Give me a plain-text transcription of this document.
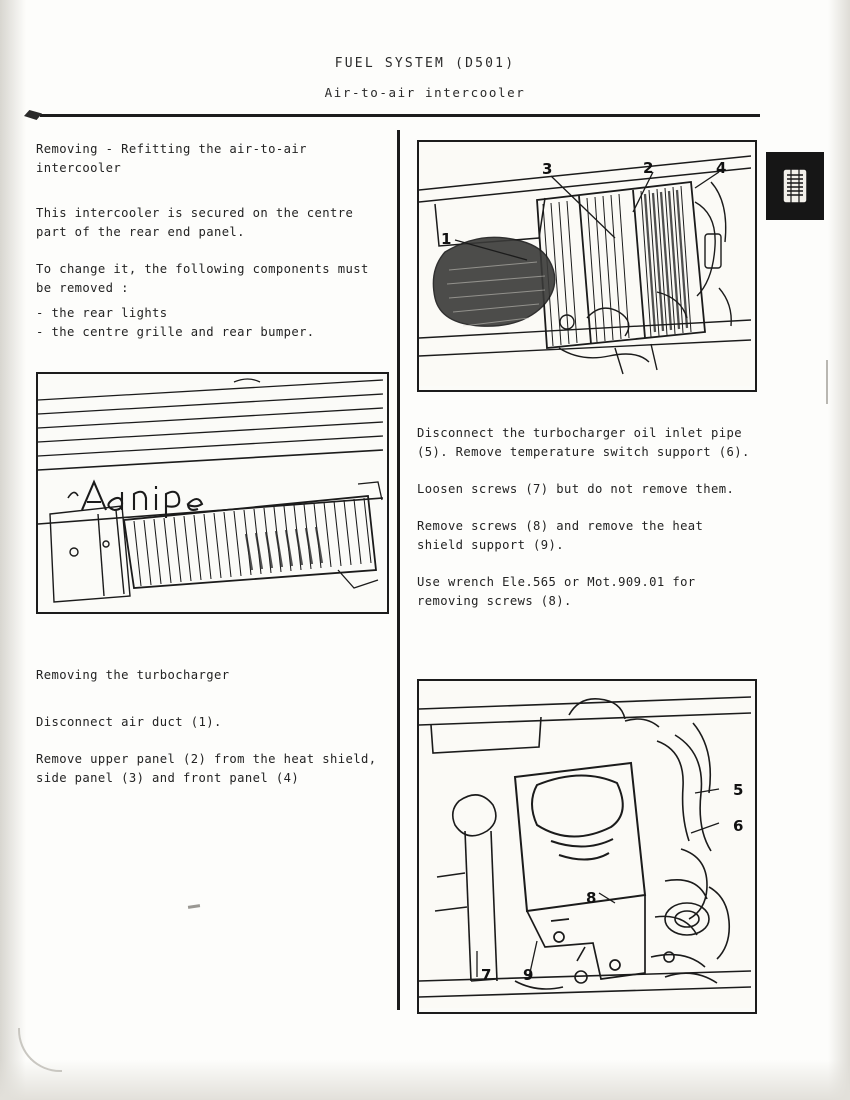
FUEL SYSTEM (D501)
Air-to-air intercooler

Removing - Refitting the air-to-air intercooler

This intercooler is secured on the centre part of the rear end panel.

To change it, the following components must be removed :

- the rear lights

- the centre grille and rear bumper.

Removing the turbocharger

Disconnect air duct (1).

Remove upper panel (2) from the heat shield, side panel (3) and front panel (4)

3	2	4
1

Disconnect the turbocharger oil inlet pipe (5). Remove temperature switch support (6).

Loosen screws (7) but do not remove them.

Remove screws (8) and remove the heat shield support (9).

Use wrench Ele.565 or Mot.909.01 for removing screws (8).

5
6
8
7 9
